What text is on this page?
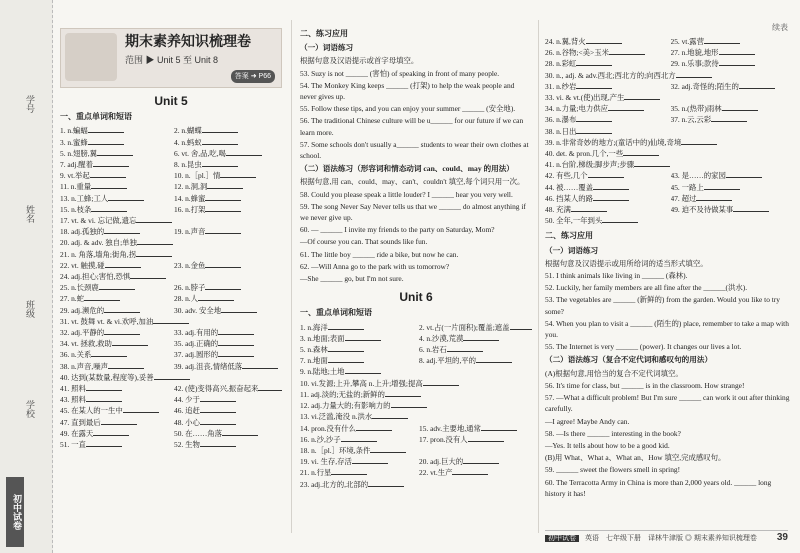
学号
姓名
班级
学校
初中试卷
续表
期末素养知识梳理卷
范围 ▶ Unit 5 至 Unit 8
答案 ➜ P66
Unit 5
一、重点单词和短语
1. n.蝙蝠	2. n.蝴蝶
3. n.蜜蜂	4. n.蚂蚁
5. n.翅膀,翼	6. vt. 舍,品,吃,喝
7. adj.醒着	8. n.昆虫
9. vt.举起	10. n.［pl.］情
11. n.重量	12. n.洞,洞
13. n.工蜂;工人	14. n.蜂蜜
15. n.枝条	16. n.打架
17. vt. & vi. 忘记做,遗忘
18. adj.孤独的	19. n.声音
20. adj. & adv. 独自;单独
21. n. 角落,墙角;街角,拐
22. vt. 触摸,碰	23. n.金鱼
24. adj.担心;害怕,恐惧
25. n.长颈鹿	26. n.脖子
27. n.蛇	28. n.人
29. adj.濒危的	30. adv. 安全地
31. vt. 鼓舞 vt. & vi.欢呼,加油
32. adj.平静的	33. adj.有用的
34. vt. 拯救,救助	35. adj.正确的
36. n.关系	37. adj.圆形的
38. n.声音,噪声	39. adj.沮丧,情绪低落
40. 达到(某数量,程度等),妥善
41. 照料	42. (使)变得高兴,振奋起来
43. 照料	44. 少于
45. 在某人的一生中	46. 追赶
47. 直到最后	48. 小心
49. 在露天	50. 在……角落
51. 一直	52. 生物
二、练习应用
（一）词语练习
根据句意及汉语提示或首字母填空。
53. Suzy is not ______ (害怕) of speaking in front of many people.
54. The Monkey King keeps ______ (打架) to help the weak people and never gives up.
55. Follow these tips, and you can enjoy your summer ______ (安全地).
56. The traditional Chinese culture will be u______ for our future if we can learn more.
57. Some schools don't usually a______ students to wear their own clothes at school.
（二）语法练习（形容词和情态动词 can、could、may 的用法）
根据句意,用 can、could、may、can't、couldn't 填空,每个词只用一次。
58. Could you please speak a little louder? I ______ hear you very well.
59. The song Never Say Never tells us that we ______ do almost anything if we never give up.
60. — ______ I invite my friends to the party on Saturday, Mom?
—Of course you can. That sounds like fun.
61. The little boy ______ ride a bike, but now he can.
62. —Will Anna go to the park with us tomorrow?
—She ______ go, but I'm not sure.
Unit 6
一、重点单词和短语
1. n.海洋	2. vt.占(一片面积);覆盖;遮盖
3. n.地面;表面	4. n.沙漠,荒漠
5. n.森林	6. n.岩石
7. n.地面	8. adj.平坦的,平的
9. n.陆地;土地
10. vi.发源;上升,攀高 n.上升;增强;提高
11. adj.淡的;无盐的;新鲜的
12. adj.力量大的;有影响力的
13. vi.泛滥,淹没 n.洪水
14. pron.没有什么	15. adv.主要地,通常
16. n.沙,沙子	17. pron.没有人
18. n.［pl.］环境,条件
19. vi. 生存,存活	20. adj.巨大的
21. n.行星	22. vt.生产
23. adj.北方的,北部的
24. n.翼,背火	25. vt.露营
26. n.谷物;<美>玉米	27. n.地貌,地形
28. n.彩虹	29. n.乐事;款待
30. n., adj. & adv.西北;西北方的;向西北方
31. n.纱岩	32. adj.奇怪的;陌生的
33. vi. & vt.(使)出现,产生
34. n.力量;电力供应	35. n.(热带)雨林
36. n.瀑布	37. n.云,云彩
38. n.日出
39. n.非常奇妙的地方;(童话中的)仙境,奇境
40. det. & pron.几个,一些
41. n.台阶,梯级;脚步声;步骤
42. 有些,几个	43. 是……的家园
44. 被……覆盖	45. 一路上
46. 挡某人的路	47. 超过
48. 充满	49. 迫不及待做某事
50. 全年,一年到头
二、练习应用
（一）词语练习
根据句意及汉语提示或用所给词的适当形式填空。
51. I think animals like living in ______ (森林).
52. Luckily, her family members are all fine after the ______(洪水).
53. The vegetables are ______ (新鲜的) from the garden. Would you like to try some?
54. When you plan to visit a ______ (陌生的) place, remember to take a map with you.
55. The Internet is very ______ (power). It changes our lives a lot.
（二）语法练习（复合不定代词和感叹句的用法）
(A)根据句意,用恰当的复合不定代词填空。
56. It's time for class, but ______ is in the classroom. How strange!
57. —What a difficult problem! But I'm sure ______ can work it out after thinking carefully.
—I agree! Maybe Andy can.
58. —Is there ______ interesting in the book?
—Yes. It tells about how to be a good kid.
(B)用 What、What a、What an、How 填空,完成感叹句。
59. ______ sweet the flowers smell in spring!
60. The Terracotta Army in China is more than 2,000 years old. ______ long history it has!
初中试卷 英语　七年级下册　译林牛津版 ◎ 期末素养知识梳理卷 39
